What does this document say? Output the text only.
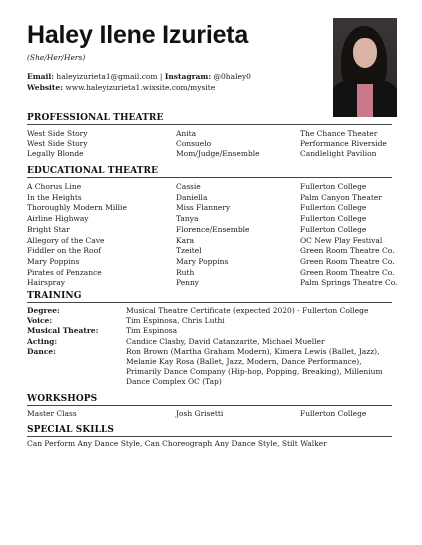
Haley Ilene Izurieta
(She/Her/Hers)
Email: haleyizurieta1@gmail.com | Instagram: @0haley0
Website: www.haleyizurieta1.wixsite.com/mysite
PROFESSIONAL THEATRE
West Side Story	Anita	The Chance Theater
West Side Story	Consuelo	Performance Riverside
Legally Blonde	Mom/Judge/Ensemble	Candlelight Pavilion
EDUCATIONAL THEATRE
A Chorus Line	Cassie	Fullerton College
In the Heights	Daniella	Palm Canyon Theater
Thoroughly Modern Millie	Miss Flannery	Fullerton College
Airline Highway	Tanya	Fullerton College
Bright Star	Florence/Ensemble	Fullerton College
Allegory of the Cave	Kara	OC New Play Festival
Fiddler on the Roof	Tzeitel	Green Room Theatre Co.
Mary Poppins	Mary Poppins	Green Room Theatre Co.
Pirates of Penzance	Ruth	Green Room Theatre Co.
Hairspray	Penny	Palm Springs Theatre Co.
TRAINING
Degree:	Musical Theatre Certificate (expected 2020) - Fullerton College
Voice:	Tim Espinosa, Chris Luthi
Musical Theatre:	Tim Espinosa
Acting:	Candice Clasby, David Catanzarite, Michael Mueller
Dance:	Ron Brown (Martha Graham Modern), Kimera Lewis (Ballet, Jazz), Melanie Kay Rosa (Ballet, Jazz, Modern, Dance Performance), Primarily Dance Company (Hip-hop, Popping, Breaking), Millenium Dance Complex OC (Tap)
WORKSHOPS
Master Class	Josh Grisetti	Fullerton College
SPECIAL SKILLS
Can Perform Any Dance Style, Can Choreograph Any Dance Style, Stilt Walker
